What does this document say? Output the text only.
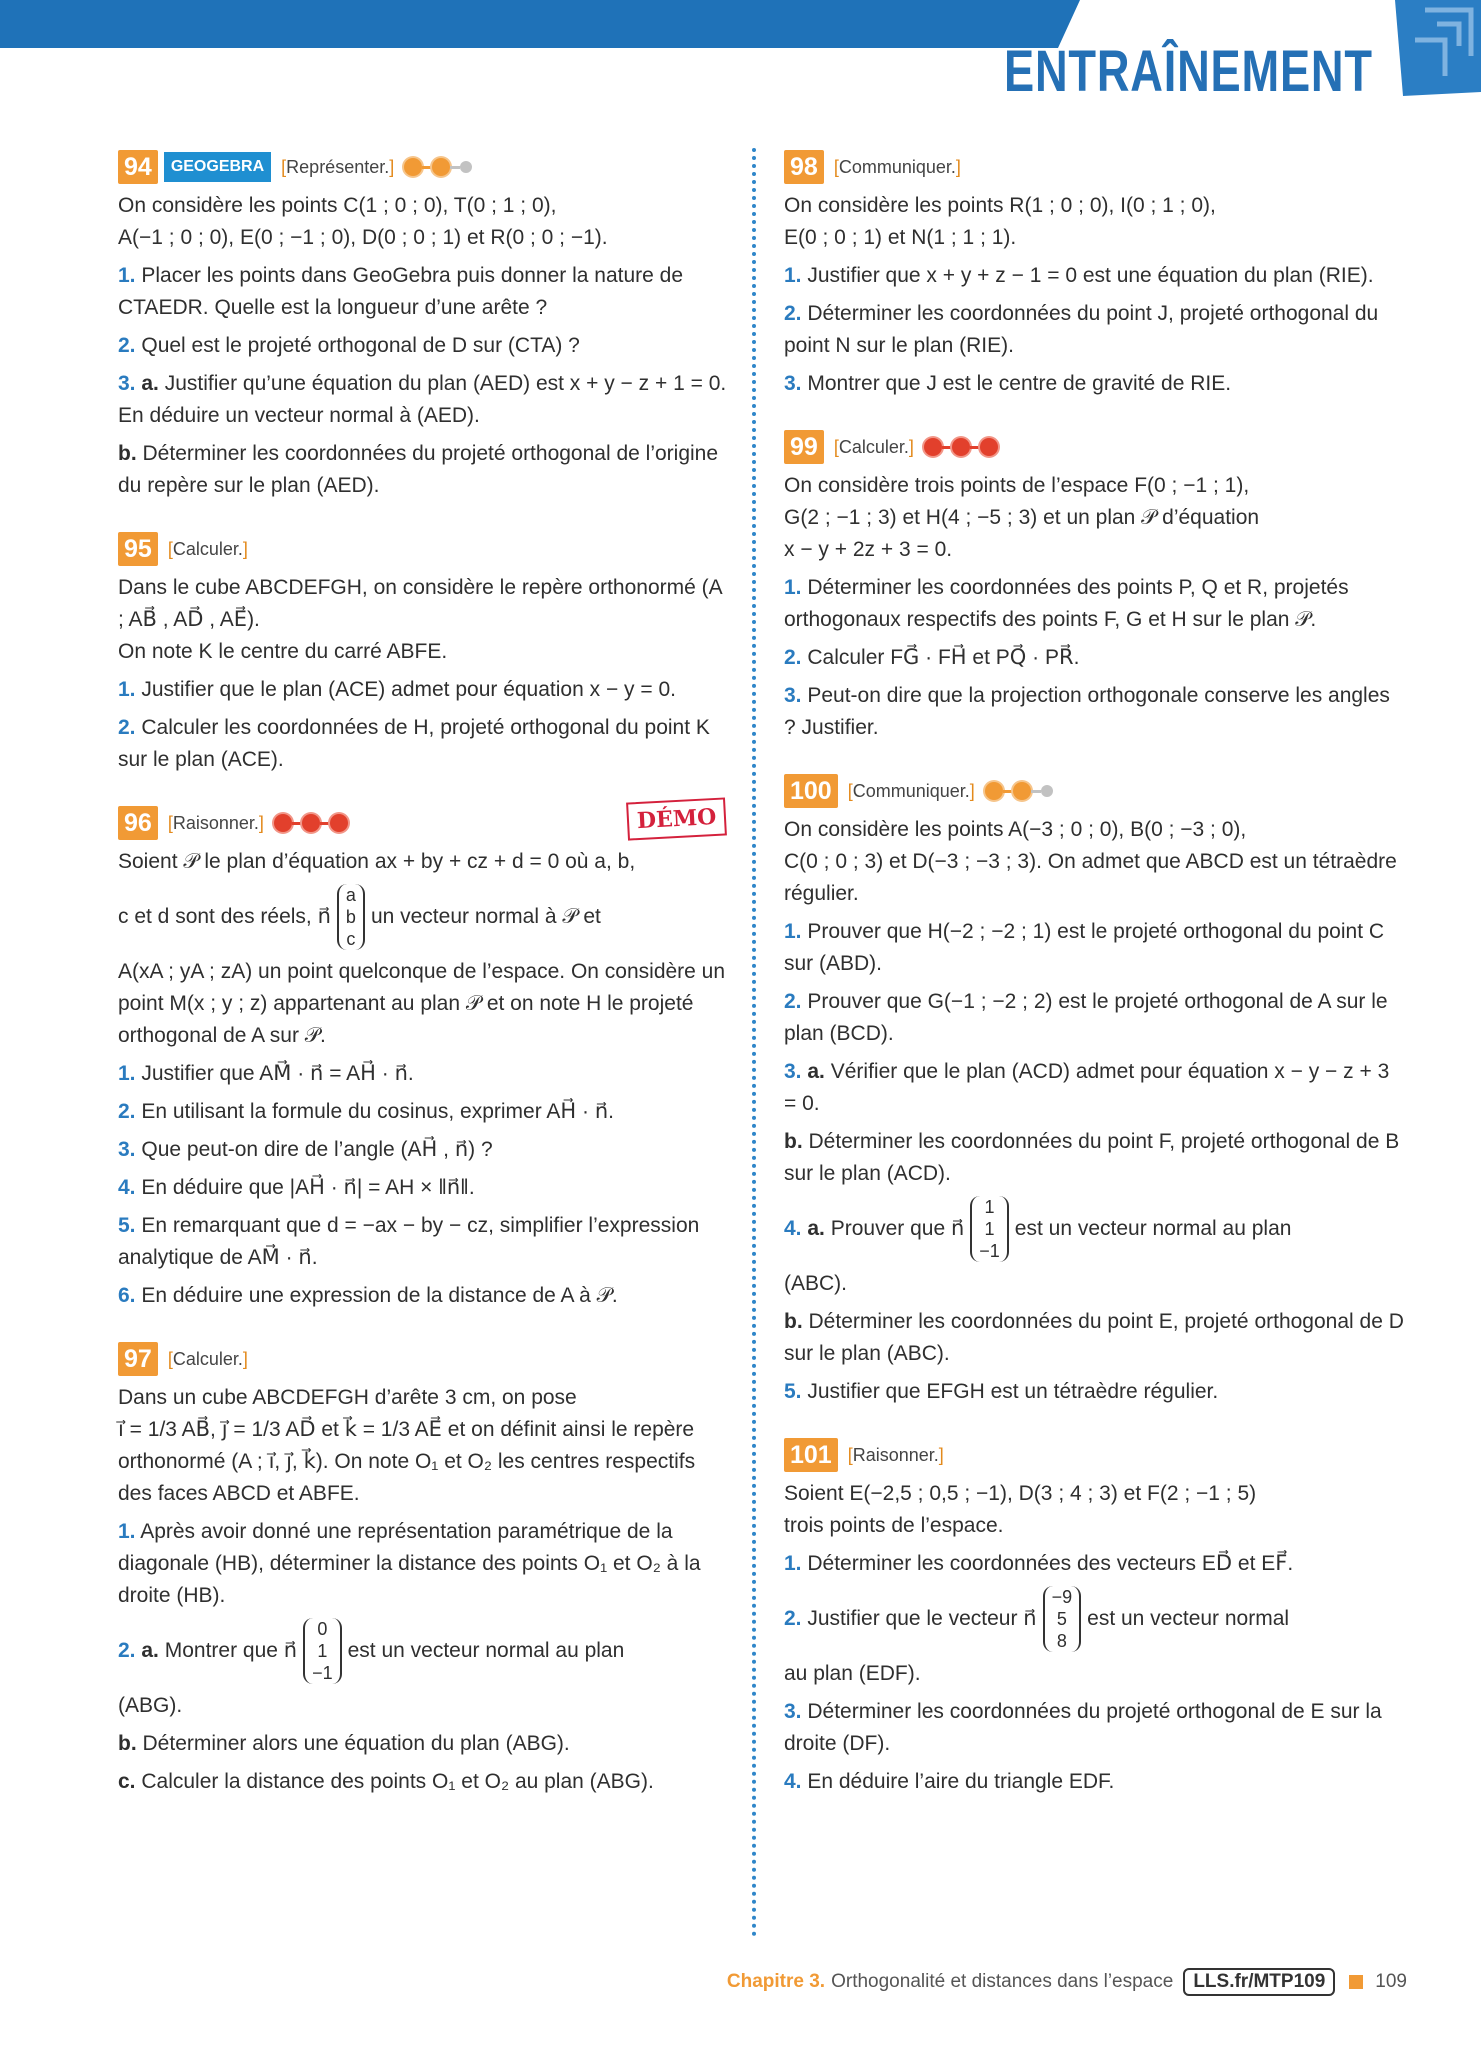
ENTRAÎNEMENT
94	GEOGEBRA [Représenter.]

On considère les points C(1 ; 0 ; 0), T(0 ; 1 ; 0),
A(−1 ; 0 ; 0), E(0 ; −1 ; 0), D(0 ; 0 ; 1) et R(0 ; 0 ; −1).

1. Placer les points dans GeoGebra puis donner la nature de CTAEDR. Quelle est la longueur d’une arête ?

2. Quel est le projeté orthogonal de D sur (CTA) ?

3. a. Justifier qu’une équation du plan (AED) est x + y − z + 1 = 0. En déduire un vecteur normal à (AED).

b. Déterminer les coordonnées du projeté orthogonal de l’origine du repère sur le plan (AED).

95 [Calculer.]

Dans le cube ABCDEFGH, on considère le repère orthonormé (A ; AB⃗ , AD⃗ , AE⃗).
On note K le centre du carré ABFE.

1. Justifier que le plan (ACE) admet pour équation x − y = 0.

2. Calculer les coordonnées de H, projeté orthogonal du point K sur le plan (ACE).

96 [Raisonner.]	DÉMO

Soient 𝒫 le plan d’équation ax + by + cz + d = 0 où a, b,

c et d sont des réels, n⃗
a
b
c
un vecteur normal à 𝒫 et

A(xA ; yA ; zA) un point quelconque de l’espace. On considère un point M(x ; y ; z) appartenant au plan 𝒫 et on note H le projeté orthogonal de A sur 𝒫.

1. Justifier que AM⃗ · n⃗ = AH⃗ · n⃗.

2. En utilisant la formule du cosinus, exprimer AH⃗ · n⃗.

3. Que peut-on dire de l’angle (AH⃗ , n⃗) ?

4. En déduire que |AH⃗ · n⃗| = AH × ‖n⃗‖.

5. En remarquant que d = −ax − by − cz, simplifier l’expression analytique de AM⃗ · n⃗.

6. En déduire une expression de la distance de A à 𝒫.

97 [Calculer.]

Dans un cube ABCDEFGH d’arête 3 cm, on pose
i⃗ = 1/3 AB⃗, j⃗ = 1/3 AD⃗ et k⃗ = 1/3 AE⃗ et on définit ainsi le repère orthonormé (A ; i⃗, j⃗, k⃗). On note O₁ et O₂ les centres respectifs des faces ABCD et ABFE.

1. Après avoir donné une représentation paramétrique de la diagonale (HB), déterminer la distance des points O₁ et O₂ à la droite (HB).

2.
a.
Montrer que n⃗
0
1
−1
est un vecteur normal au plan

(ABG).

b. Déterminer alors une équation du plan (ABG).

c. Calculer la distance des points O₁ et O₂ au plan (ABG).

98 [Communiquer.]

On considère les points R(1 ; 0 ; 0), I(0 ; 1 ; 0),
E(0 ; 0 ; 1) et N(1 ; 1 ; 1).

1. Justifier que x + y + z − 1 = 0 est une équation du plan (RIE).

2. Déterminer les coordonnées du point J, projeté orthogonal du point N sur le plan (RIE).

3. Montrer que J est le centre de gravité de RIE.

99 [Calculer.]

On considère trois points de l’espace F(0 ; −1 ; 1),
G(2 ; −1 ; 3) et H(4 ; −5 ; 3) et un plan 𝒫 d’équation
x − y + 2z + 3 = 0.

1. Déterminer les coordonnées des points P, Q et R, projetés orthogonaux respectifs des points F, G et H sur le plan 𝒫.

2. Calculer FG⃗ · FH⃗ et PQ⃗ · PR⃗.

3. Peut-on dire que la projection orthogonale conserve les angles ? Justifier.

100 [Communiquer.]

On considère les points A(−3 ; 0 ; 0), B(0 ; −3 ; 0),
C(0 ; 0 ; 3) et D(−3 ; −3 ; 3). On admet que ABCD est un tétraèdre régulier.

1. Prouver que H(−2 ; −2 ; 1) est le projeté orthogonal du point C sur (ABD).

2. Prouver que G(−1 ; −2 ; 2) est le projeté orthogonal de A sur le plan (BCD).

3. a. Vérifier que le plan (ACD) admet pour équation x − y − z + 3 = 0.

b. Déterminer les coordonnées du point F, projeté orthogonal de B sur le plan (ACD).

4.
a.
Prouver que n⃗
1
1
−1
est un vecteur normal au plan

(ABC).

b. Déterminer les coordonnées du point E, projeté orthogonal de D sur le plan (ABC).

5. Justifier que EFGH est un tétraèdre régulier.

101 [Raisonner.]

Soient E(−2,5 ; 0,5 ; −1), D(3 ; 4 ; 3) et F(2 ; −1 ; 5)
trois points de l’espace.

1. Déterminer les coordonnées des vecteurs ED⃗ et EF⃗.

2.
Justifier que le vecteur n⃗
−9
5
8
est un vecteur normal

au plan (EDF).

3. Déterminer les coordonnées du projeté orthogonal de E sur la droite (DF).

4. En déduire l’aire du triangle EDF.

Chapitre 3. Orthogonalité et distances dans l’espace	LLS.fr/MTP109	109
